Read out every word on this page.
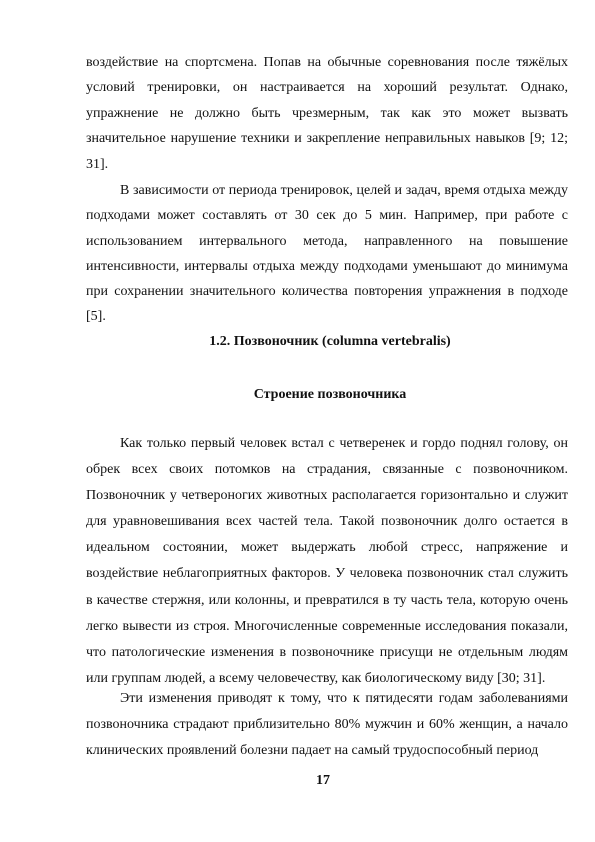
воздействие на спортсмена. Попав на обычные соревнования после тяжёлых условий тренировки, он настраивается на хороший результат. Однако, упражнение не должно быть чрезмерным, так как это может вызвать значительное нарушение техники и закрепление неправильных навыков [9; 12; 31].

В зависимости от периода тренировок, целей и задач, время отдыха между подходами может составлять от 30 сек до 5 мин. Например, при работе с использованием интервального метода, направленного на повышение интенсивности, интервалы отдыха между подходами уменьшают до минимума при сохранении значительного количества повторения упражнения в подходе [5].

1.2. Позвоночник (columna vertebralis)
Строение позвоночника

Как только первый человек встал с четверенек и гордо поднял голову, он обрек всех своих потомков на страдания, связанные с позвоночником. Позвоночник у четвероногих животных располагается горизонтально и служит для уравновешивания всех частей тела. Такой позвоночник долго остается в идеальном состоянии, может выдержать любой стресс, напряжение и воздействие неблагоприятных факторов. У человека позвоночник стал служить в качестве стержня, или колонны, и превратился в ту часть тела, которую очень легко вывести из строя. Многочисленные современные исследования показали, что патологические изменения в позвоночнике присущи не отдельным людям или группам людей, а всему человечеству, как биологическому виду [30; 31].

Эти изменения приводят к тому, что к пятидесяти годам заболеваниями позвоночника страдают приблизительно 80% мужчин и 60% женщин, а начало клинических проявлений болезни падает на самый трудоспособный период

17
